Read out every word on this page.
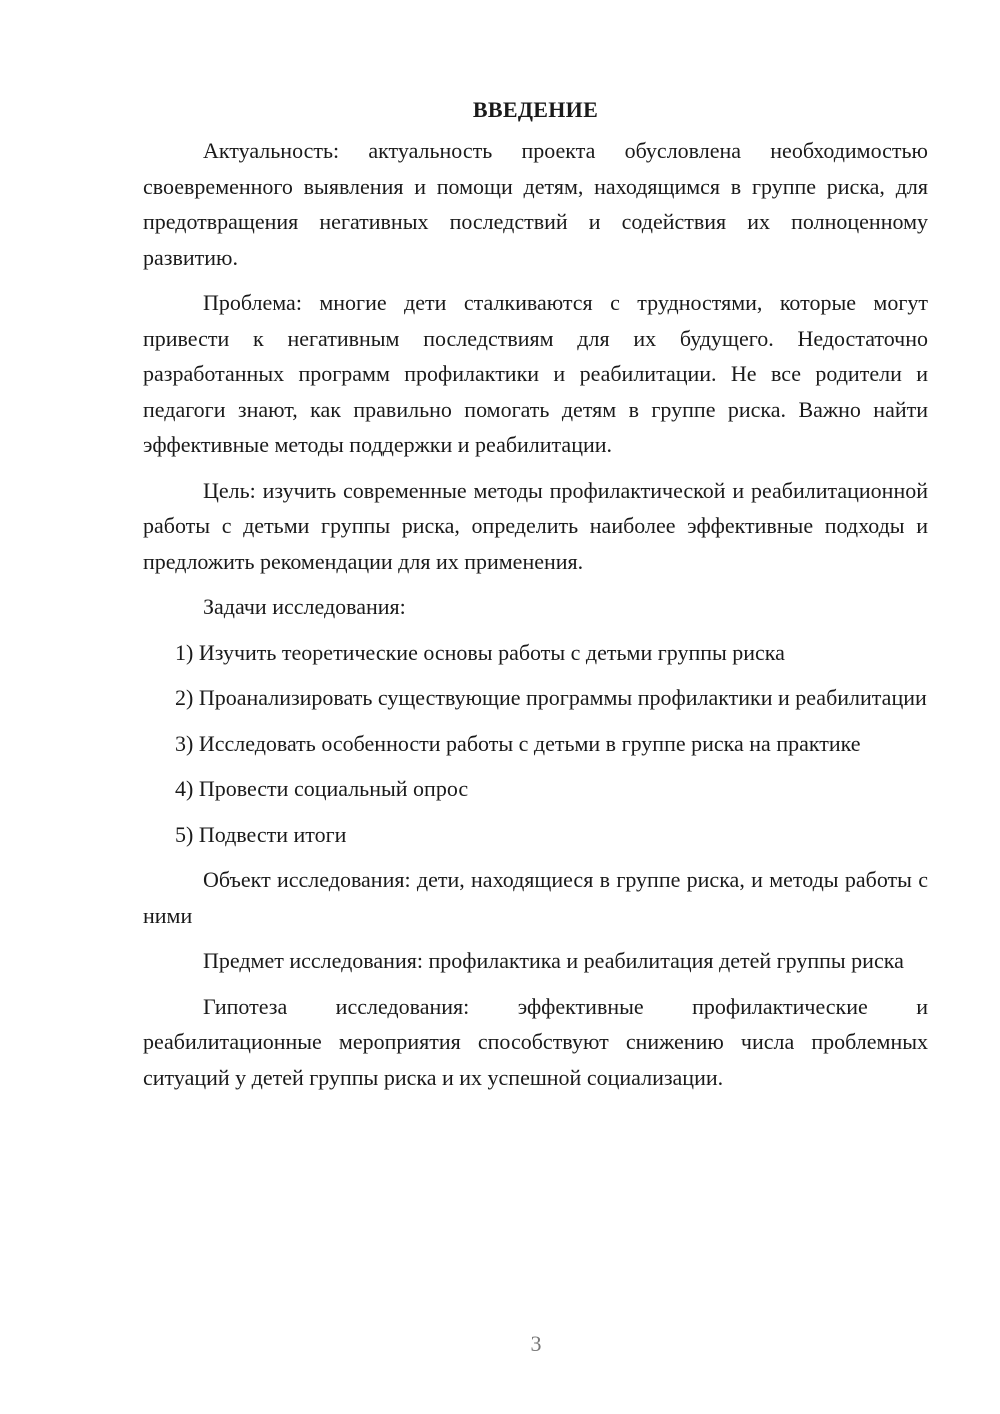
ВВЕДЕНИЕ

Актуальность: актуальность проекта обусловлена необходимостью своевременного выявления и помощи детям, находящимся в группе риска, для предотвращения негативных последствий и содействия их полноценному развитию.

Проблема: многие дети сталкиваются с трудностями, которые могут привести к негативным последствиям для их будущего. Недостаточно разработанных программ профилактики и реабилитации. Не все родители и педагоги знают, как правильно помогать детям в группе риска. Важно найти эффективные методы поддержки и реабилитации.

Цель: изучить современные методы профилактической и реабилитационной работы с детьми группы риска, определить наиболее эффективные подходы и предложить рекомендации для их применения.

Задачи исследования:

1) Изучить теоретические основы работы с детьми группы риска

2) Проанализировать существующие программы профилактики и реабилитации

3) Исследовать особенности работы с детьми в группе риска на практике

4) Провести социальный опрос

5) Подвести итоги

Объект исследования: дети, находящиеся в группе риска, и методы работы с ними

Предмет исследования: профилактика и реабилитация детей группы риска

Гипотеза исследования: эффективные профилактические и реабилитационные мероприятия способствуют снижению числа проблемных ситуаций у детей группы риска и их успешной социализации.

3
